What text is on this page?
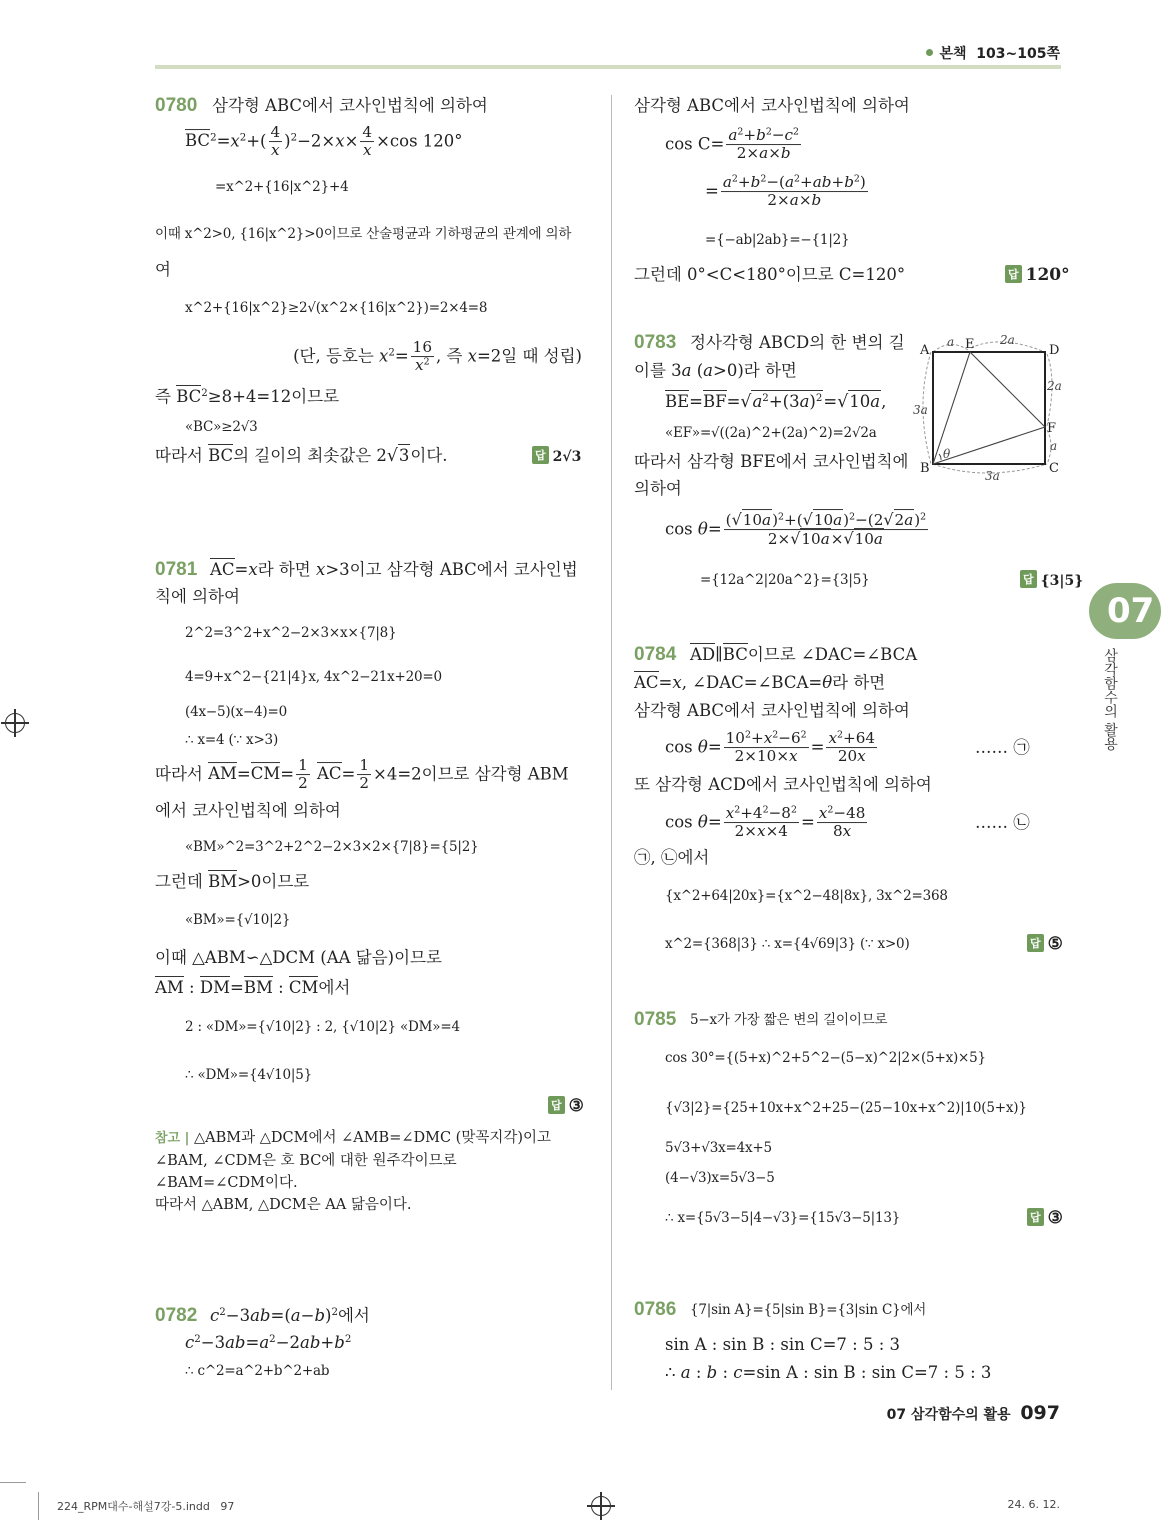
본책 103~105쪽
07
삼각함수의 활용
0780 삼각형 ABC에서 코사인법칙에 의하여
$BC^2=x^2+( \frac{4}{x} )^2-2\times x\times \frac{4}{x} \times\cos$ 120°
=x^2+{16|x^2}+4
이때 x^2>0, {16|x^2}>0이므로 산술평균과 기하평균의 관계에 의하
여
x^2+{16|x^2}≥2√(x^2×{16|x^2})=2×4=8
(단, 등호는 $x^2= \frac{16}{x^2}$ , 즉 x=2일 때 성립)
즉 $BC^2\ge 8+4=12$이므로
«BC»≥2√3
따라서 BC의 길이의 최솟값은 2√3이다.	답 2√3
0781 AC=x라 하면 x>3이고 삼각형 ABC에서 코사인법
칙에 의하여
2^2=3^2+x^2−2×3×x×{7|8}
4=9+x^2−{21|4}x, 4x^2−21x+20=0
(4x−5)(x−4)=0
∴ x=4 (∵ x>3)
따라서 $AM=CM= \frac{1}{2} AC= \frac{1}{2} \times 4=2$이므로 삼각형 ABM
에서 코사인법칙에 의하여
«BM»^2=3^2+2^2−2×3×2×{7|8}={5|2}
그런데 BM>0이므로
«BM»={√10|2}
이때 △ABM∽△DCM (AA 닮음)이므로
AM : DM=BM : CM에서
2 : «DM»={√10|2} : 2, {√10|2} «DM»=4
∴ «DM»={4√10|5}
답 ③
0782 $c^2-3ab=(a-b)^2$에서
$c^2-3ab=a^2-2ab+b^2$
∴ c^2=a^2+b^2+ab
삼각형 ABC에서 코사인법칙에 의하여
$\cos C= \frac{a^2+b^2-c^2}{2\times a\times b}$
= $\frac{a^2+b^2-(a^2+ab+b^2)}{2\times a\times b}$
={−ab|2ab}=−{1|2}
그런데 0°<C<180°이므로 C=120°	답 120°
0783 정사각형 ABCD의 한 변의 길
이를 3a (a>0)라 하면
$BE=BF=√a^2+(3a)^2=√10a$,
«EF»=√((2a)^2+(2a)^2)=2√2a
따라서 삼각형 BFE에서 코사인법칙에
의하여
$\cos \theta= \frac{(√10a)^2+(√10a)^2-(2√2a)^2}{2\times√10a\times√10a}$
={12a^2|20a^2}={3|5}	답 {3|5}
0784 AD∥BC이므로 ∠DAC=∠BCA
AC=x, ∠DAC=∠BCA=θ라 하면
삼각형 ABC에서 코사인법칙에 의하여
$\cos \theta= \frac{10^2+x^2-6^2}{2\times 10\times x} = \frac{x^2+64}{20x}$	…… ㉠
또 삼각형 ACD에서 코사인법칙에 의하여
$\cos \theta= \frac{x^2+4^2-8^2}{2\times x\times 4} = \frac{x^2-48}{8x}$	…… ㉡
㉠, ㉡에서
{x^2+64|20x}={x^2−48|8x}, 3x^2=368
x^2={368|3} ∴ x={4√69|3} (∵ x>0)	답 ⑤
0785 5−x가 가장 짧은 변의 길이이므로
cos 30°={(5+x)^2+5^2−(5−x)^2|2×(5+x)×5}
{√3|2}={25+10x+x^2+25−(25−10x+x^2)|10(5+x)}
5√3+√3x=4x+5
(4−√3)x=5√3−5
∴ x={5√3−5|4−√3}={15√3−5|13}	답 ③
0786 {7|sin A}={5|sin B}={3|sin C}에서
sin A : sin B : sin C=7 : 5 : 3
∴ a : b : c=sin A : sin B : sin C=7 : 5 : 3
참고 | △ABM과 △DCM에서 ∠AMB=∠DMC (맞꼭지각)이고
∠BAM, ∠CDM은 호 BC에 대한 원주각이므로
∠BAM=∠CDM이다.
따라서 △ABM, △DCM은 AA 닮음이다.
A	E	D
B	C
F
a	2a
2a
3a
a
3a
θ
07 삼각함수의 활용 097
224_RPM대수-해설7강-5.indd 97	24. 6. 12.
